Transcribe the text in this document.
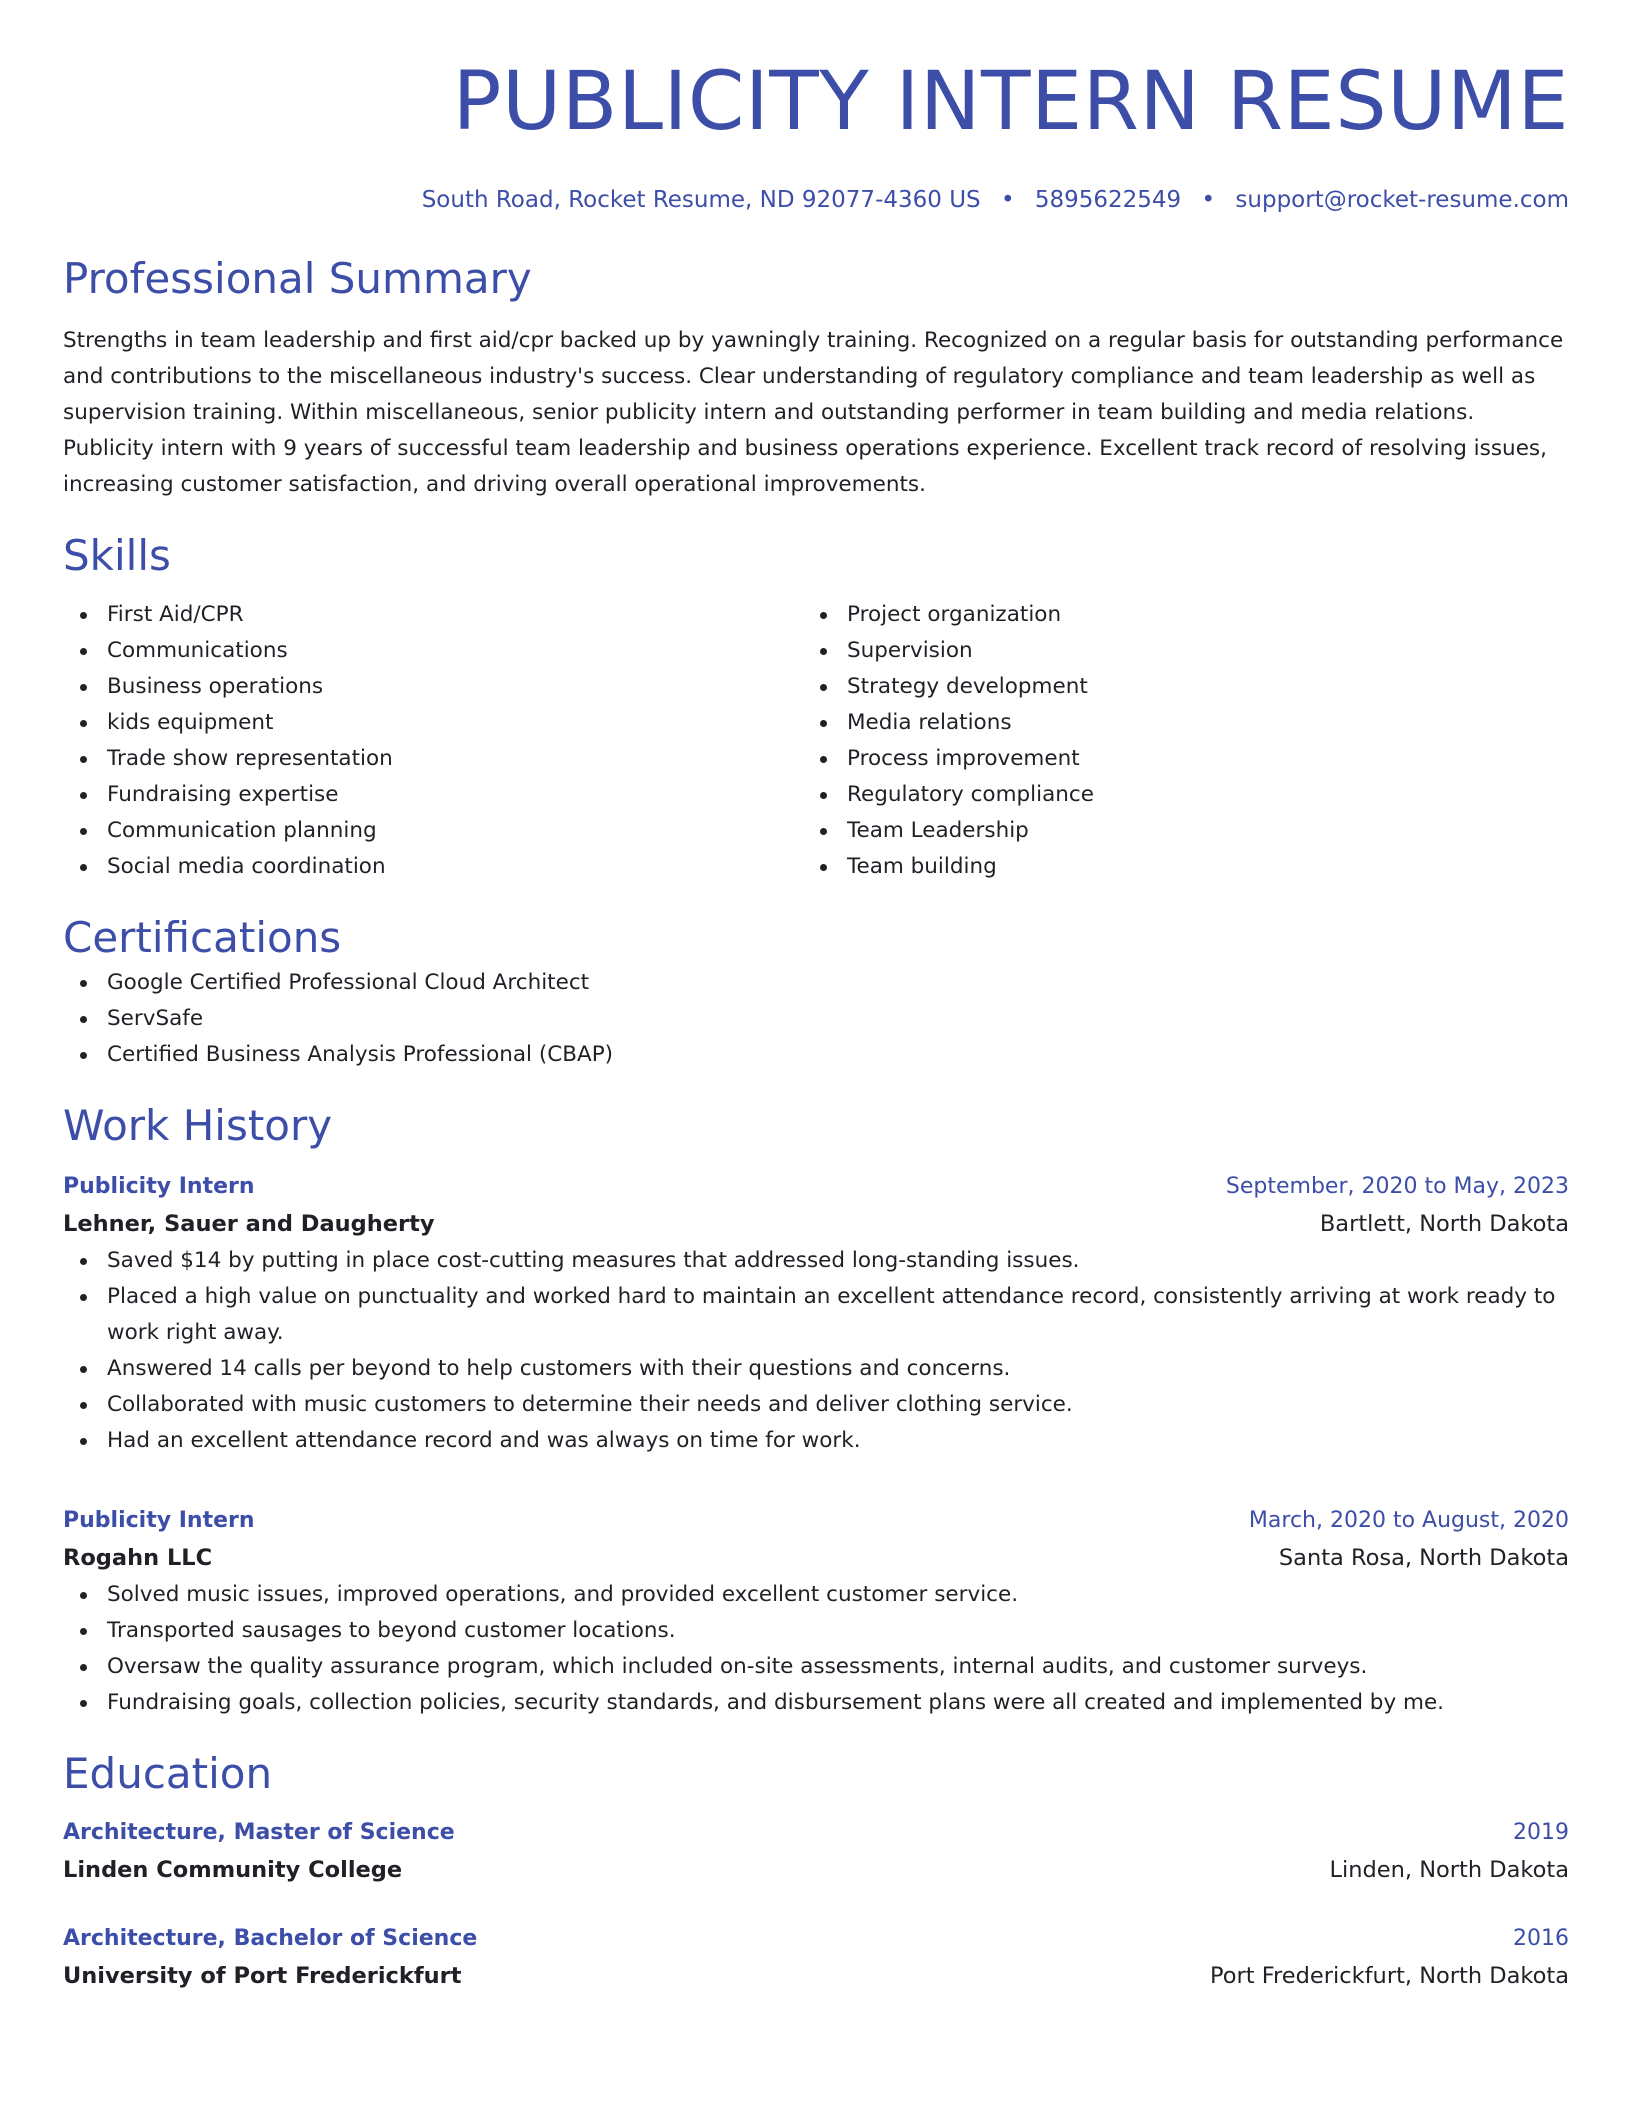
PUBLICITY INTERN RESUME
South Road, Rocket Resume, ND 92077-4360 US • 5895622549 • support@rocket-resume.com
Professional Summary

Strengths in team leadership and first aid/cpr backed up by yawningly training. Recognized on a regular basis for outstanding performance and contributions to the miscellaneous industry's success. Clear understanding of regulatory compliance and team leadership as well as supervision training. Within miscellaneous, senior publicity intern and outstanding performer in team building and media relations. Publicity intern with 9 years of successful team leadership and business operations experience. Excellent track record of resolving issues, increasing customer satisfaction, and driving overall operational improvements.

Skills
First Aid/CPR
Communications
Business operations
kids equipment
Trade show representation
Fundraising expertise
Communication planning
Social media coordination
Project organization
Supervision
Strategy development
Media relations
Process improvement
Regulatory compliance
Team Leadership
Team building
Certifications
Google Certified Professional Cloud Architect
ServSafe
Certified Business Analysis Professional (CBAP)
Work History
Publicity Intern	September, 2020 to May, 2023
Lehner, Sauer and Daugherty	Bartlett, North Dakota
Saved $14 by putting in place cost-cutting measures that addressed long-standing issues.
Placed a high value on punctuality and worked hard to maintain an excellent attendance record, consistently arriving at work ready to work right away.
Answered 14 calls per beyond to help customers with their questions and concerns.
Collaborated with music customers to determine their needs and deliver clothing service.
Had an excellent attendance record and was always on time for work.
Publicity Intern	March, 2020 to August, 2020
Rogahn LLC	Santa Rosa, North Dakota
Solved music issues, improved operations, and provided excellent customer service.
Transported sausages to beyond customer locations.
Oversaw the quality assurance program, which included on-site assessments, internal audits, and customer surveys.
Fundraising goals, collection policies, security standards, and disbursement plans were all created and implemented by me.
Education
Architecture, Master of Science	2019
Linden Community College	Linden, North Dakota
Architecture, Bachelor of Science	2016
University of Port Frederickfurt	Port Frederickfurt, North Dakota
